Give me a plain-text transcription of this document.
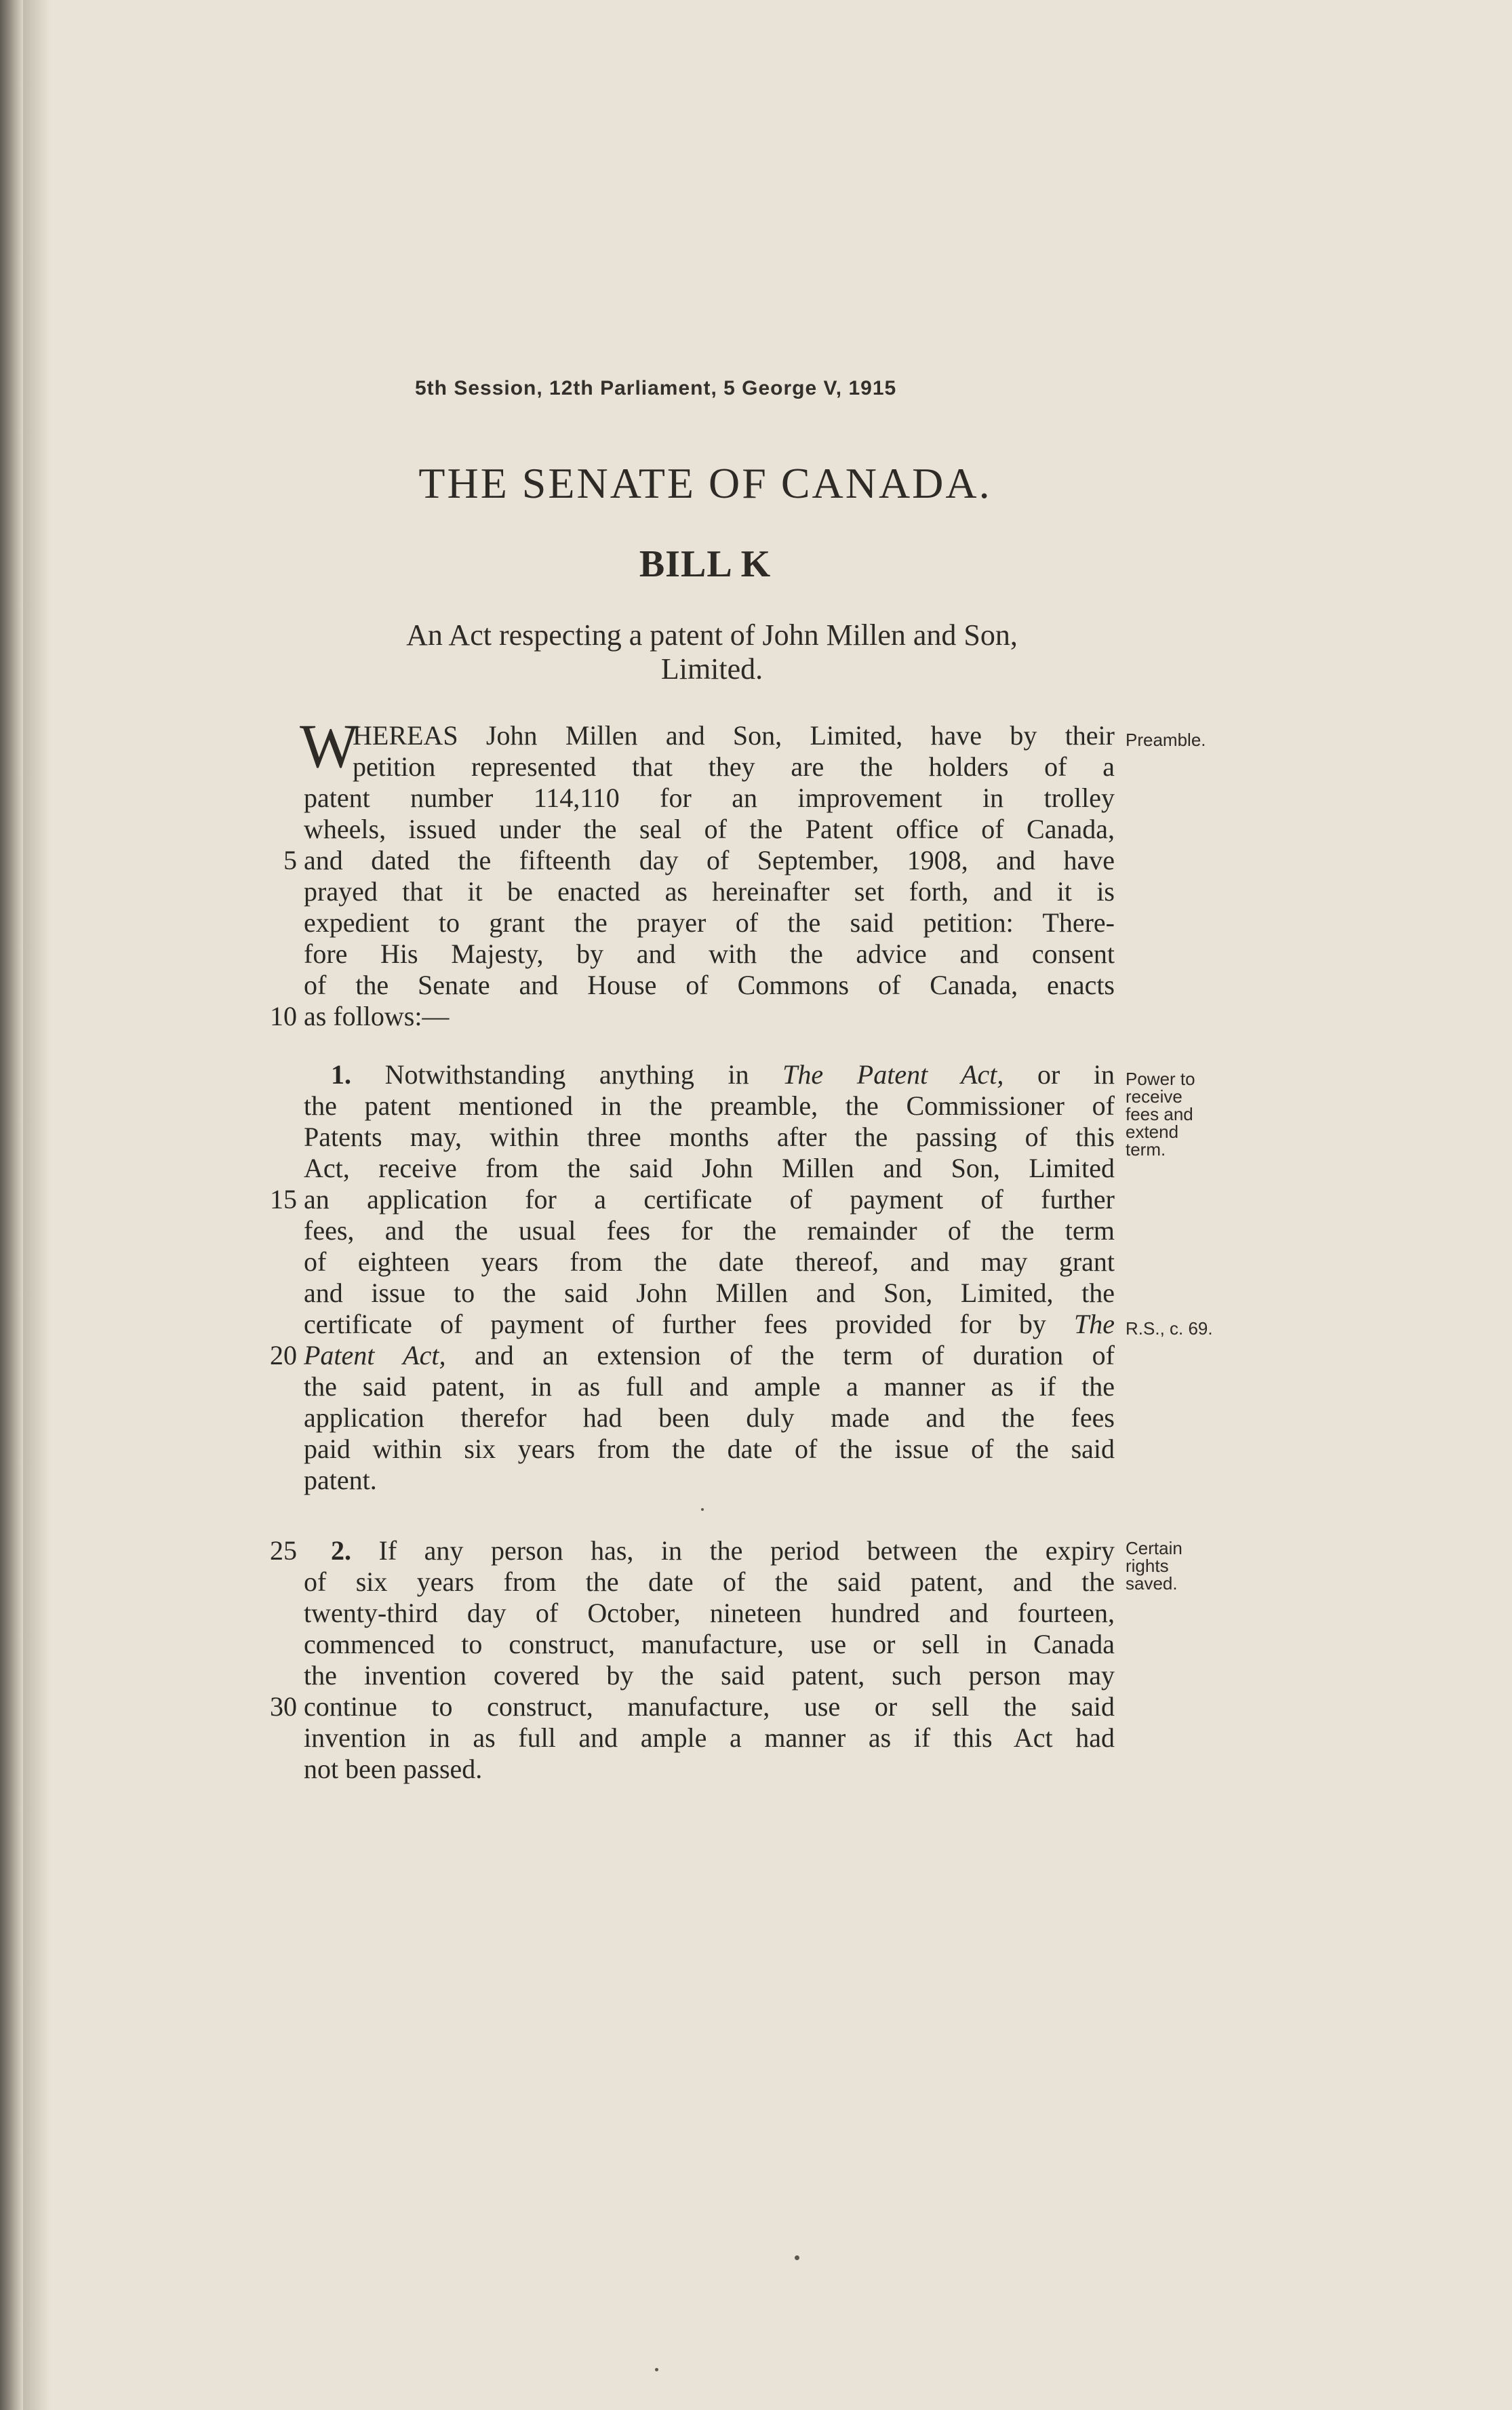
5th Session, 12th Parliament, 5 George V, 1915
THE SENATE OF CANADA.
BILL K
An Act respecting a patent of John Millen and Son,
Limited.
W
HEREAS John Millen and Son, Limited, have by their
petition represented that they are the holders of a
patent number 114,110 for an improvement in trolley
wheels, issued under the seal of the Patent office of Canada,
and dated the fifteenth day of September, 1908, and have
prayed that it be enacted as hereinafter set forth, and it is
expedient to grant the prayer of the said petition: There-
fore His Majesty, by and with the advice and consent
of the Senate and House of Commons of Canada, enacts
as follows:—
5
10
Preamble.
1. Notwithstanding anything in The Patent Act, or in
the patent mentioned in the preamble, the Commissioner of
Patents may, within three months after the passing of this
Act, receive from the said John Millen and Son, Limited
an application for a certificate of payment of further
fees, and the usual fees for the remainder of the term
of eighteen years from the date thereof, and may grant
and issue to the said John Millen and Son, Limited, the
certificate of payment of further fees provided for by The
Patent Act, and an extension of the term of duration of
the said patent, in as full and ample a manner as if the
application therefor had been duly made and the fees
paid within six years from the date of the issue of the said
patent.
15
20
Power to
receive
fees and
extend
term.
R.S., c. 69.
2. If any person has, in the period between the expiry
of six years from the date of the said patent, and the
twenty-third day of October, nineteen hundred and fourteen,
commenced to construct, manufacture, use or sell in Canada
the invention covered by the said patent, such person may
continue to construct, manufacture, use or sell the said
invention in as full and ample a manner as if this Act had
not been passed.
25
30
Certain
rights
saved.
